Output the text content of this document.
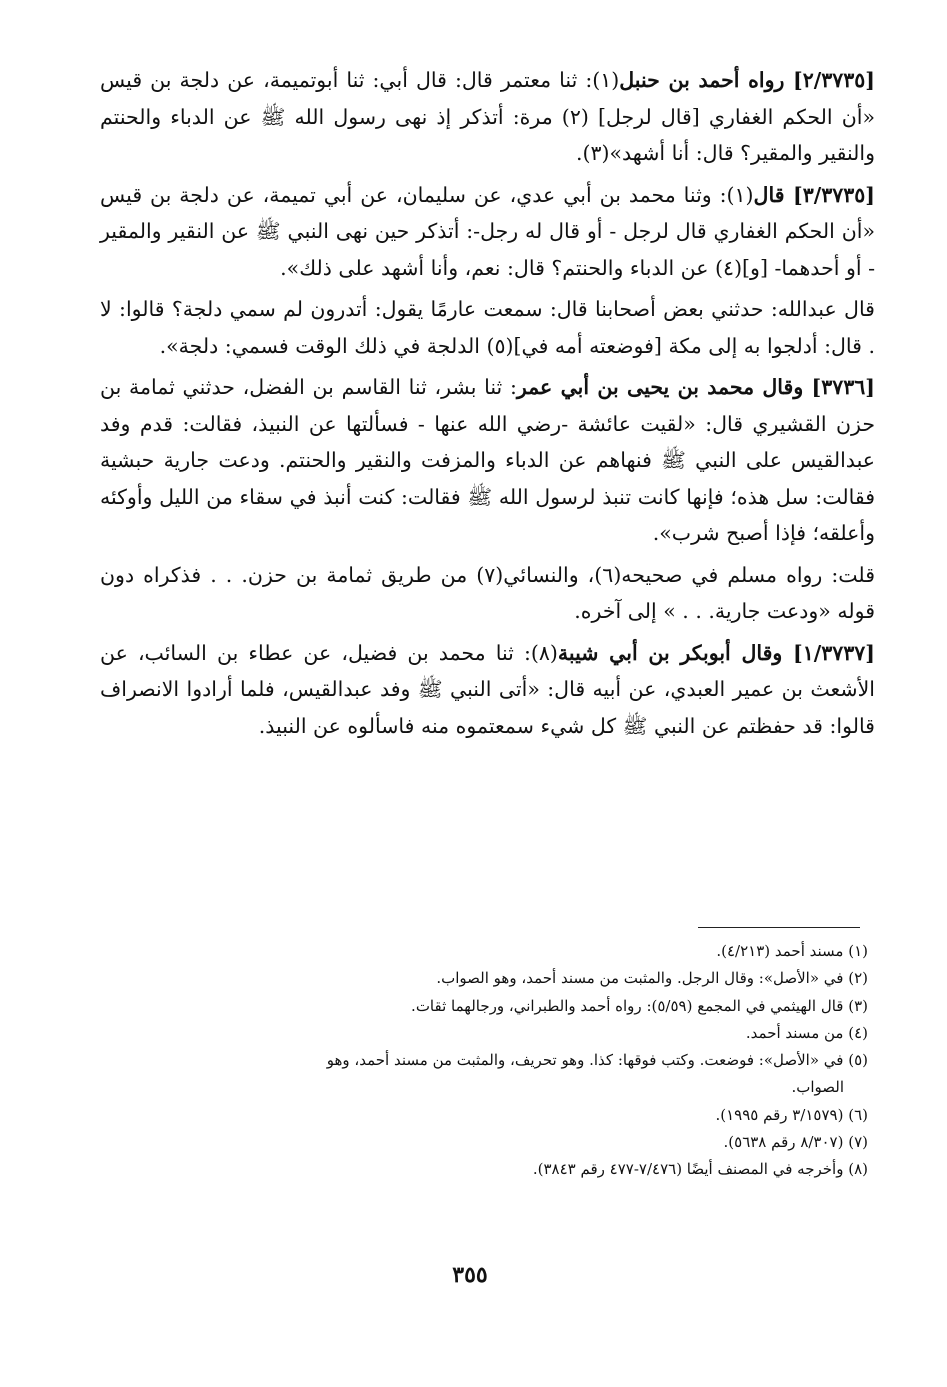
[٢/٣٧٣٥] رواه أحمد بن حنبل(١): ثنا معتمر قال: قال أبي: ثنا أبوتميمة، عن دلجة بن قيس «أن الحكم الغفاري [قال لرجل] (٢) مرة: أتذكر إذ نهى رسول الله ﷺ عن الدباء والحنتم والنقير والمقير؟ قال: أنا أشهد»(٣).

[٣/٣٧٣٥] قال(١): وثنا محمد بن أبي عدي، عن سليمان، عن أبي تميمة، عن دلجة بن قيس «أن الحكم الغفاري قال لرجل - أو قال له رجل-: أتذكر حين نهى النبي ﷺ عن النقير والمقير - أو أحدهما- [و](٤) عن الدباء والحنتم؟ قال: نعم، وأنا أشهد على ذلك».

قال عبدالله: حدثني بعض أصحابنا قال: سمعت عارمًا يقول: أتدرون لم سمي دلجة؟ قالوا: لا . قال: أدلجوا به إلى مكة [فوضعته أمه في](٥) الدلجة في ذلك الوقت فسمي: دلجة».

[٣٧٣٦] وقال محمد بن يحيى بن أبي عمر: ثنا بشر، ثنا القاسم بن الفضل، حدثني ثمامة بن حزن القشيري قال: «لقيت عائشة -رضي الله عنها - فسألتها عن النبيذ، فقالت: قدم وفد عبدالقيس على النبي ﷺ فنهاهم عن الدباء والمزفت والنقير والحنتم. ودعت جارية حبشية فقالت: سل هذه؛ فإنها كانت تنبذ لرسول الله ﷺ فقالت: كنت أنبذ في سقاء من الليل وأوكئه وأعلقه؛ فإذا أصبح شرب».

قلت: رواه مسلم في صحيحه(٦)، والنسائي(٧) من طريق ثمامة بن حزن. . . فذكراه دون قوله «ودعت جارية. . . » إلى آخره.

[١/٣٧٣٧] وقال أبوبكر بن أبي شيبة(٨): ثنا محمد بن فضيل، عن عطاء بن السائب، عن الأشعث بن عمير العبدي، عن أبيه قال: «أتى النبي ﷺ وفد عبدالقيس، فلما أرادوا الانصراف قالوا: قد حفظتم عن النبي ﷺ كل شيء سمعتموه منه فاسألوه عن النبيذ.

(١) مسند أحمد (٤/٢١٣).

(٢) في «الأصل»: وقال الرجل. والمثبت من مسند أحمد، وهو الصواب.

(٣) قال الهيثمي في المجمع (٥/٥٩): رواه أحمد والطبراني، ورجالهما ثقات.

(٤) من مسند أحمد.

(٥) في «الأصل»: فوضعت. وكتب فوقها: كذا. وهو تحريف، والمثبت من مسند أحمد، وهو

الصواب.

(٦) (٣/١٥٧٩ رقم ١٩٩٥).

(٧) (٨/٣٠٧ رقم ٥٦٣٨).

(٨) وأخرجه في المصنف أيضًا (٧/٤٧٦-٤٧٧ رقم ٣٨٤٣).

٣٥٥
